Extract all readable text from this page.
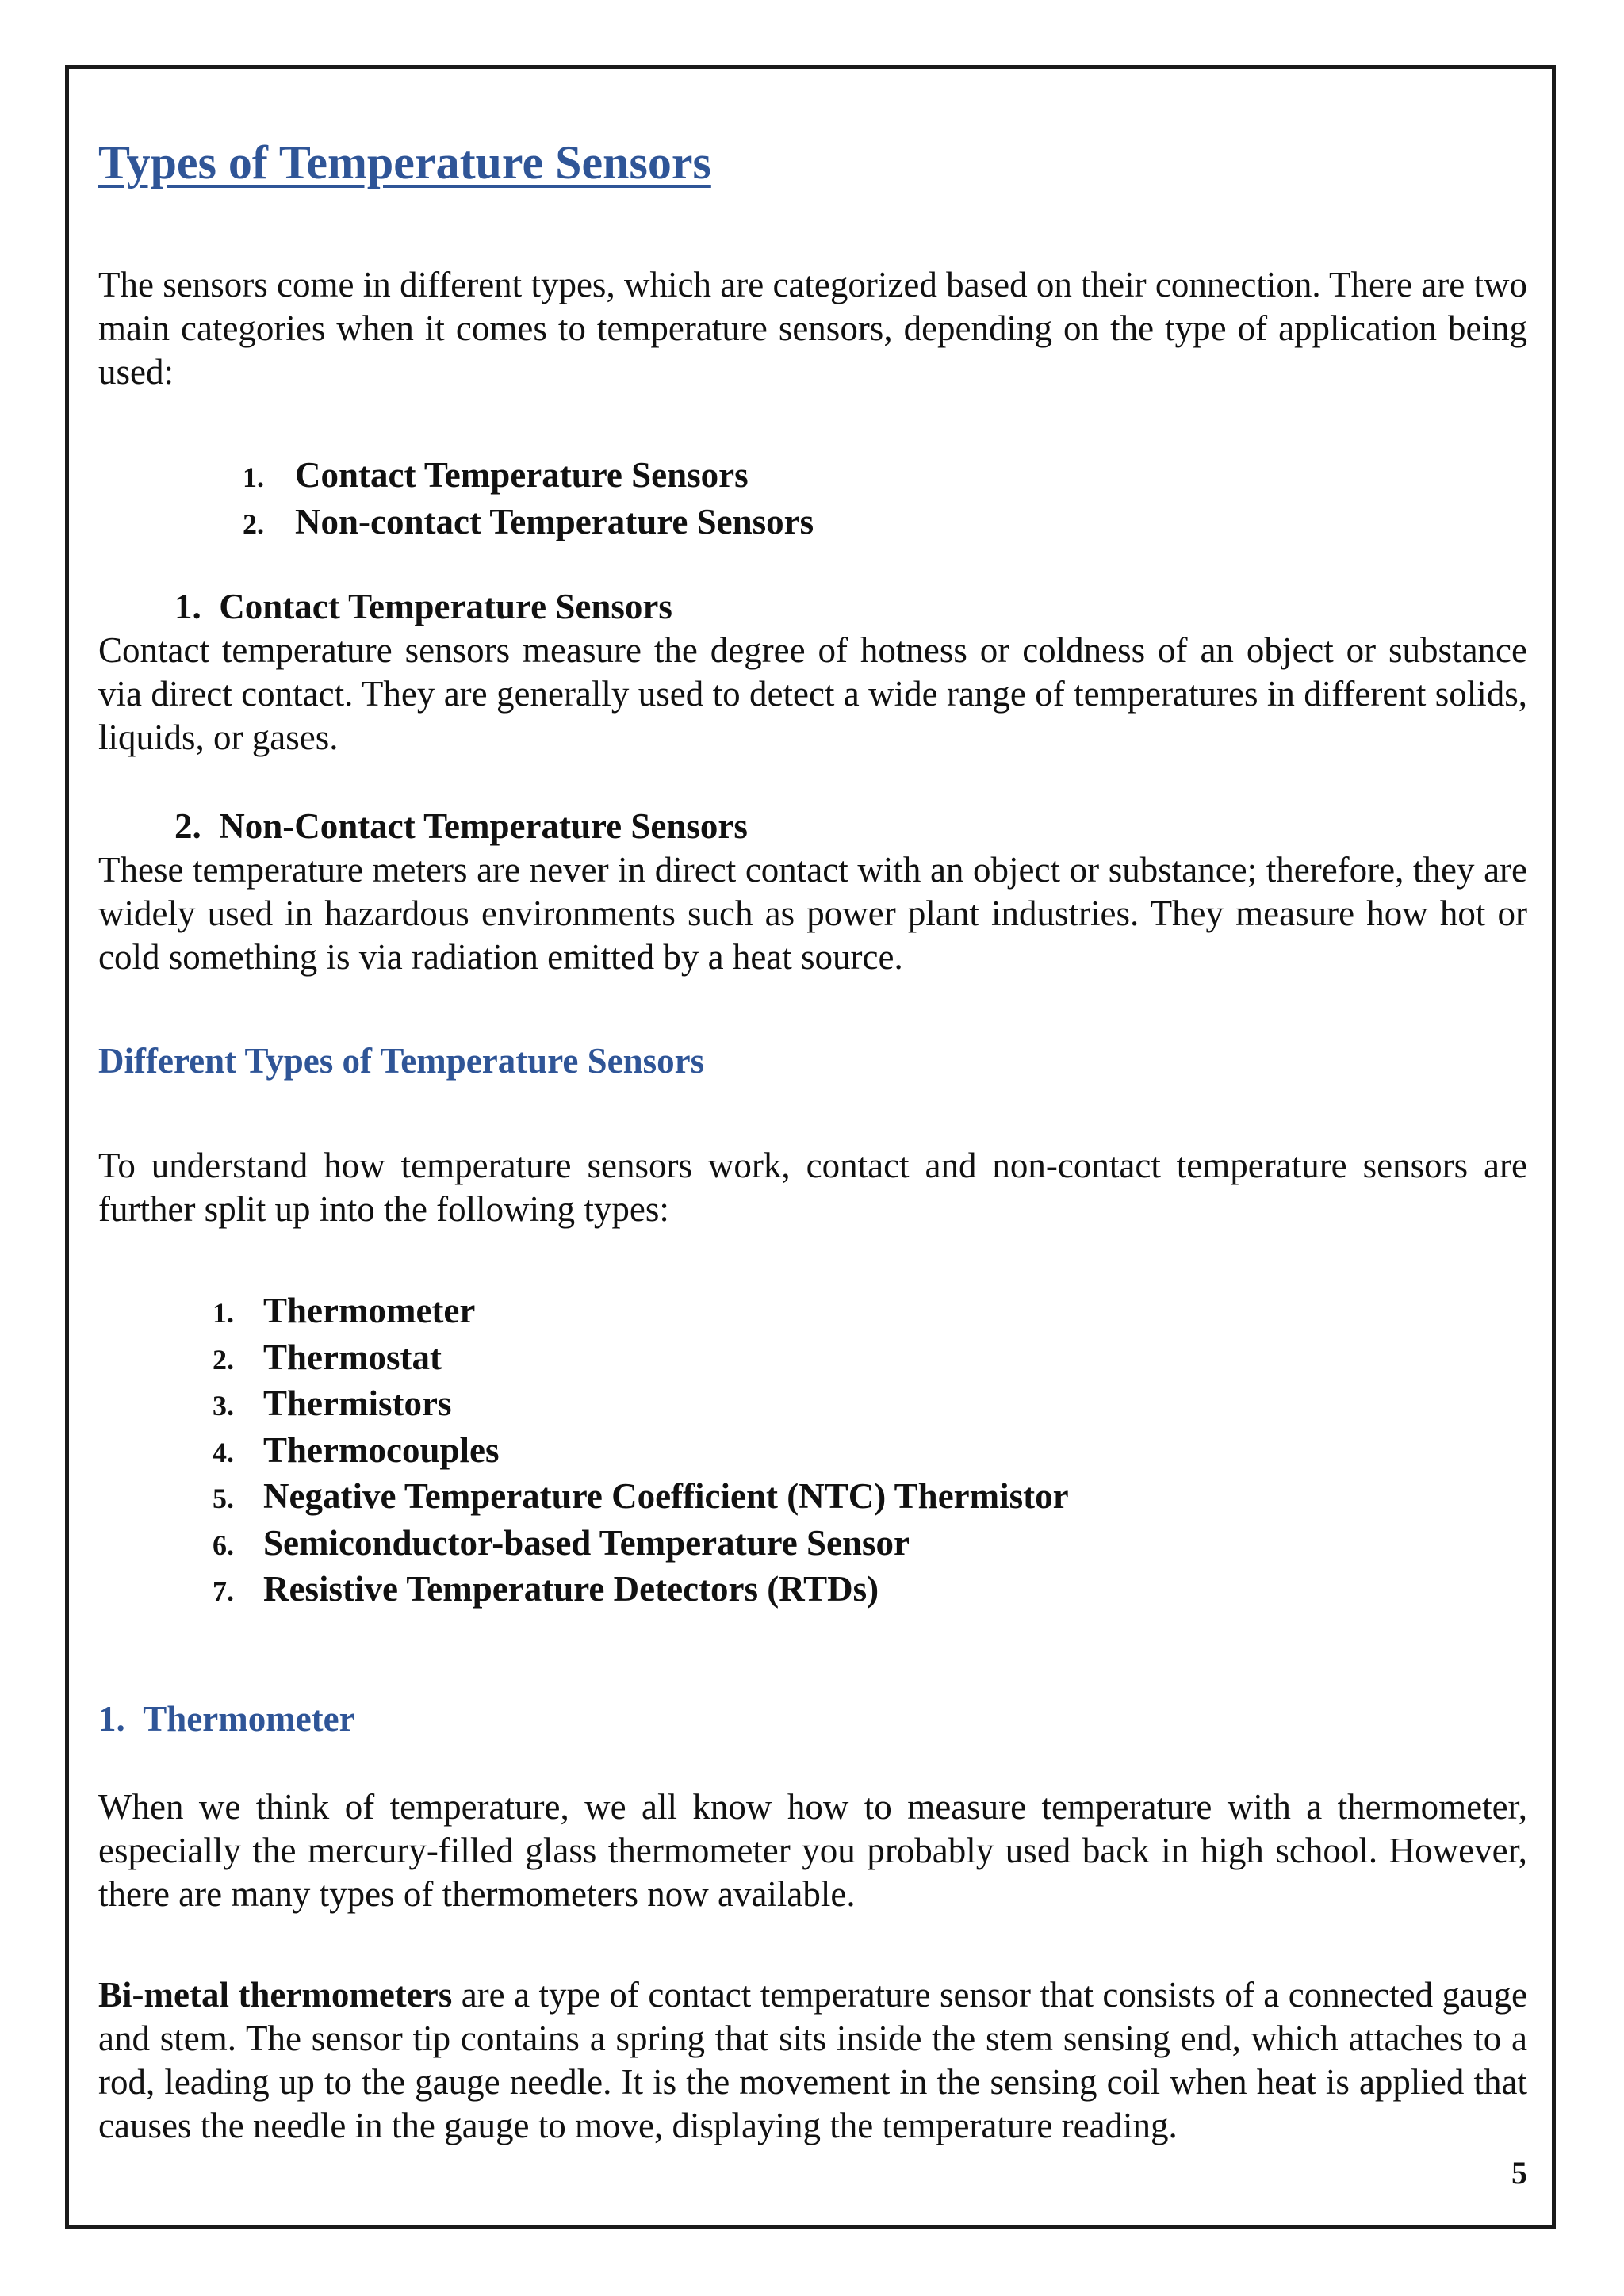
Types of Temperature Sensors

The sensors come in different types, which are categorized based on their connection. There are two main categories when it comes to temperature sensors, depending on the type of application being used:

1. Contact Temperature Sensors
2. Non-contact Temperature Sensors

1.  Contact Temperature Sensors

Contact temperature sensors measure the degree of hotness or coldness of an object or substance via direct contact. They are generally used to detect a wide range of temperatures in different solids, liquids, or gases.

2.  Non-Contact Temperature Sensors

These temperature meters are never in direct contact with an object or substance; therefore, they are widely used in hazardous environments such as power plant industries. They measure how hot or cold something is via radiation emitted by a heat source.

Different Types of Temperature Sensors

To understand how temperature sensors work, contact and non-contact temperature sensors are further split up into the following types:

1. Thermometer
2. Thermostat
3. Thermistors
4. Thermocouples
5. Negative Temperature Coefficient (NTC) Thermistor
6. Semiconductor-based Temperature Sensor
7. Resistive Temperature Detectors (RTDs)

1.  Thermometer

When we think of temperature, we all know how to measure temperature with a thermometer, especially the mercury-filled glass thermometer you probably used back in high school. However, there are many types of thermometers now available.

Bi-metal thermometers are a type of contact temperature sensor that consists of a connected gauge and stem. The sensor tip contains a spring that sits inside the stem sensing end, which attaches to a rod, leading up to the gauge needle. It is the movement in the sensing coil when heat is applied that causes the needle in the gauge to move, displaying the temperature reading.

5
